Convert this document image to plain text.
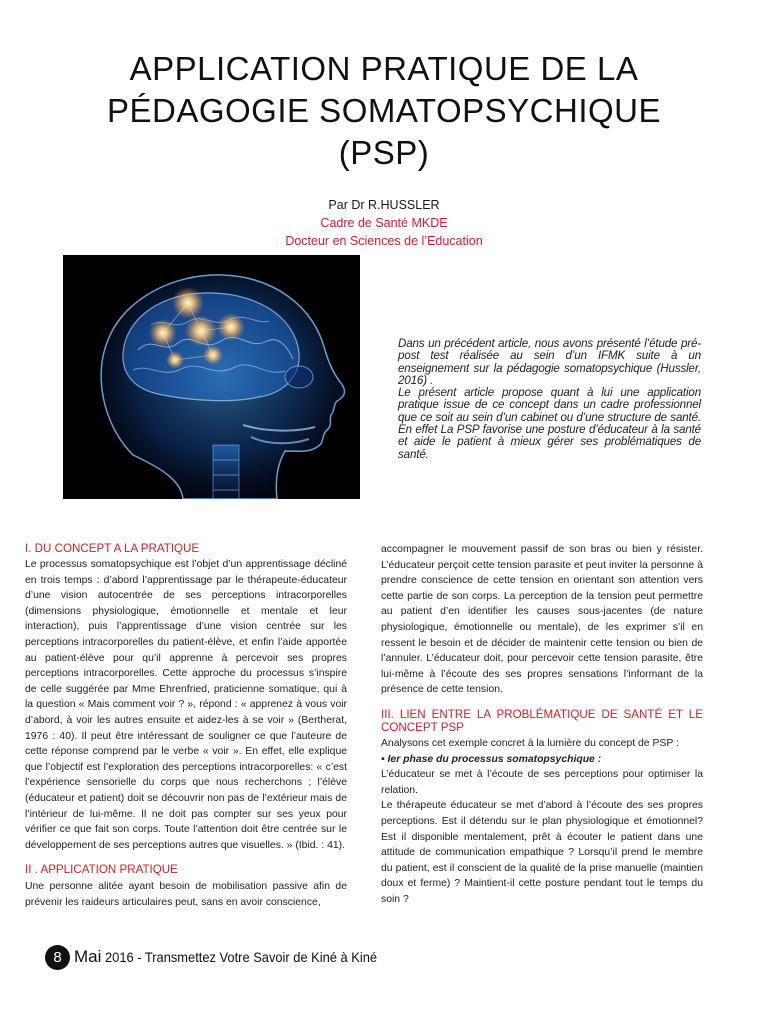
APPLICATION PRATIQUE DE LA
PÉDAGOGIE SOMATOPSYCHIQUE
(PSP)
Par Dr R.HUSSLER
Cadre de Santé MKDE
Docteur en Sciences de l’Education

Dans un précédent article, nous avons présenté l’étude pré-post test réalisée au sein d’un IFMK suite à un enseignement sur la pédagogie somatopsychique (Hussler, 2016) .

Le présent article propose quant à lui une application pratique issue de ce concept dans un cadre professionnel que ce soit au sein d’un cabinet ou d’une structure de santé. En effet La PSP favorise une posture d’éducateur à la santé et aide le patient à mieux gérer ses problématiques de santé.

I. DU CONCEPT A LA PRATIQUE

Le processus somatopsychique est l’objet d’un apprentissage décliné en trois temps : d’abord l’apprentissage par le thérapeute-éducateur d’une vision autocentrée de ses perceptions intracorporelles (dimensions physiologique, émotionnelle et mentale et leur interaction), puis l’apprentissage d’une vision centrée sur les perceptions intracorporelles du patient-élève, et enfin l’aide apportée au patient-élève pour qu’il apprenne à percevoir ses propres perceptions intracorporelles. Cette approche du processus s’inspire de celle suggérée par Mme Ehrenfried, praticienne somatique, qui à la question « Mais comment voir ? », répond : « apprenez à vous voir d’abord, à voir les autres ensuite et aidez-les à se voir » (Bertherat, 1976 : 40). Il peut être intéressant de souligner ce que l’auteure de cette réponse comprend par le verbe « voir ». En effet, elle explique que l’objectif est l’exploration des perceptions intracorporelles: « c’est l’expérience sensorielle du corps que nous recherchons ; l’élève (éducateur et patient) doit se découvrir non pas de l’extérieur mais de l’intérieur de lui-même. Il ne doit pas compter sur ses yeux pour vérifier ce que fait son corps. Toute l’attention doit être centrée sur le développement de ses perceptions autres que visuelles. » (Ibid. : 41).

II . APPLICATION PRATIQUE

Une personne alitée ayant besoin de mobilisation passive afin de prévenir les raideurs articulaires peut, sans en avoir conscience,

accompagner le mouvement passif de son bras ou bien y résister. L’éducateur perçoit cette tension parasite et peut inviter la personne à prendre conscience de cette tension en orientant son attention vers cette partie de son corps. La perception de la tension peut permettre au patient d’en identifier les causes sous-jacentes (de nature physiologique, émotionnelle ou mentale), de les exprimer s’il en ressent le besoin et de décider de maintenir cette tension ou bien de l’annuler. L’éducateur doit, pour percevoir cette tension parasite, être lui-même à l’écoute des ses propres sensations l’informant de la présence de cette tension.

III. LIEN ENTRE LA PROBLÉMATIQUE DE SANTÉ ET LE CONCEPT PSP

Analysons cet exemple concret à la lumière du concept de PSP :

• Ier phase du processus somatopsychique :

L’éducateur se met à l’écoute de ses perceptions pour optimiser la relation.

Le thérapeute éducateur se met d’abord à l’écoute des ses propres perceptions. Est il détendu sur le plan physiologique et émotionnel? Est il disponible mentalement, prêt à écouter le patient dans une attitude de communication empathique ? Lorsqu’il prend le membre du patient, est il conscient de la qualité de la prise manuelle (maintien doux et ferme) ? Maintient-il cette posture pendant tout le temps du soin ?

8 Mai 2016 - Transmettez Votre Savoir de Kiné à Kiné
